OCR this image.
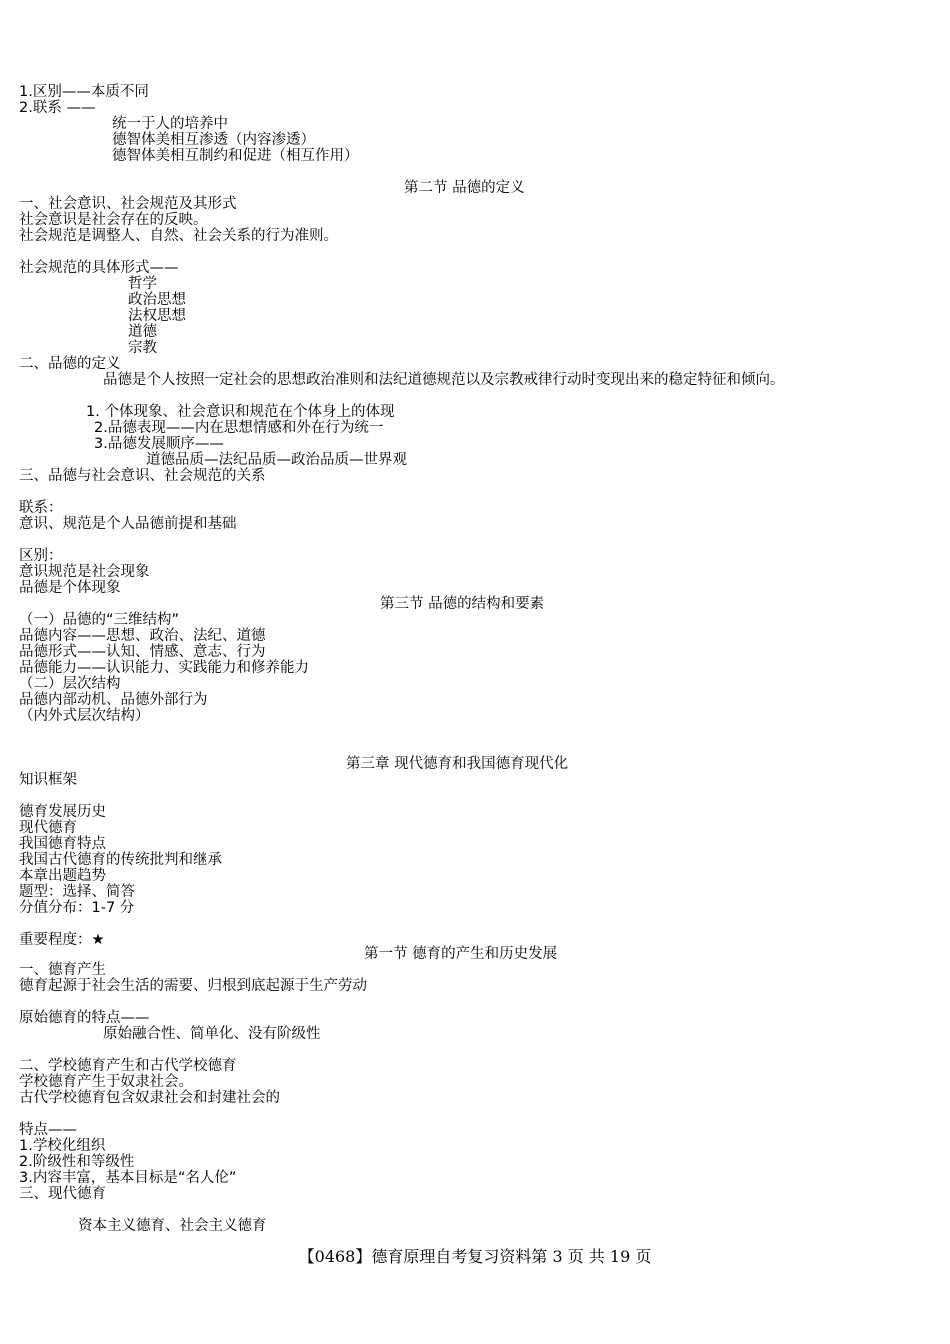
1.区别——本质不同
2.联系 ——
统一于人的培养中
德智体美相互渗透（内容渗透）
德智体美相互制约和促进（相互作用）
第二节 品德的定义
一、社会意识、社会规范及其形式
社会意识是社会存在的反映。
社会规范是调整人、自然、社会关系的行为准则。
社会规范的具体形式——
哲学
政治思想
法权思想
道德
宗教
二、品德的定义
品德是个人按照一定社会的思想政治准则和法纪道德规范以及宗教戒律行动时变现出来的稳定特征和倾向。
1. 个体现象、社会意识和规范在个体身上的体现
2.品德表现——内在思想情感和外在行为统一
3.品德发展顺序——
道德品质—法纪品质—政治品质—世界观
三、品德与社会意识、社会规范的关系
联系：
意识、规范是个人品德前提和基础
区别：
意识规范是社会现象
品德是个体现象
第三节 品德的结构和要素
（一）品德的“三维结构”
品德内容——思想、政治、法纪、道德
品德形式——认知、情感、意志、行为
品德能力——认识能力、实践能力和修养能力
（二）层次结构
品德内部动机、品德外部行为
（内外式层次结构）
第三章 现代德育和我国德育现代化
知识框架
德育发展历史
现代德育
我国德育特点
我国古代德育的传统批判和继承
本章出题趋势
题型：选择、简答
分值分布：1-7 分
重要程度：★
第一节 德育的产生和历史发展
一、德育产生
德育起源于社会生活的需要、归根到底起源于生产劳动
原始德育的特点——
原始融合性、简单化、没有阶级性
二、学校德育产生和古代学校德育
学校德育产生于奴隶社会。
古代学校德育包含奴隶社会和封建社会的
特点——
1.学校化组织
2.阶级性和等级性
3.内容丰富，基本目标是“名人伦”
三、现代德育
资本主义德育、社会主义德育
【0468】德育原理自考复习资料第 3 页 共 19 页
